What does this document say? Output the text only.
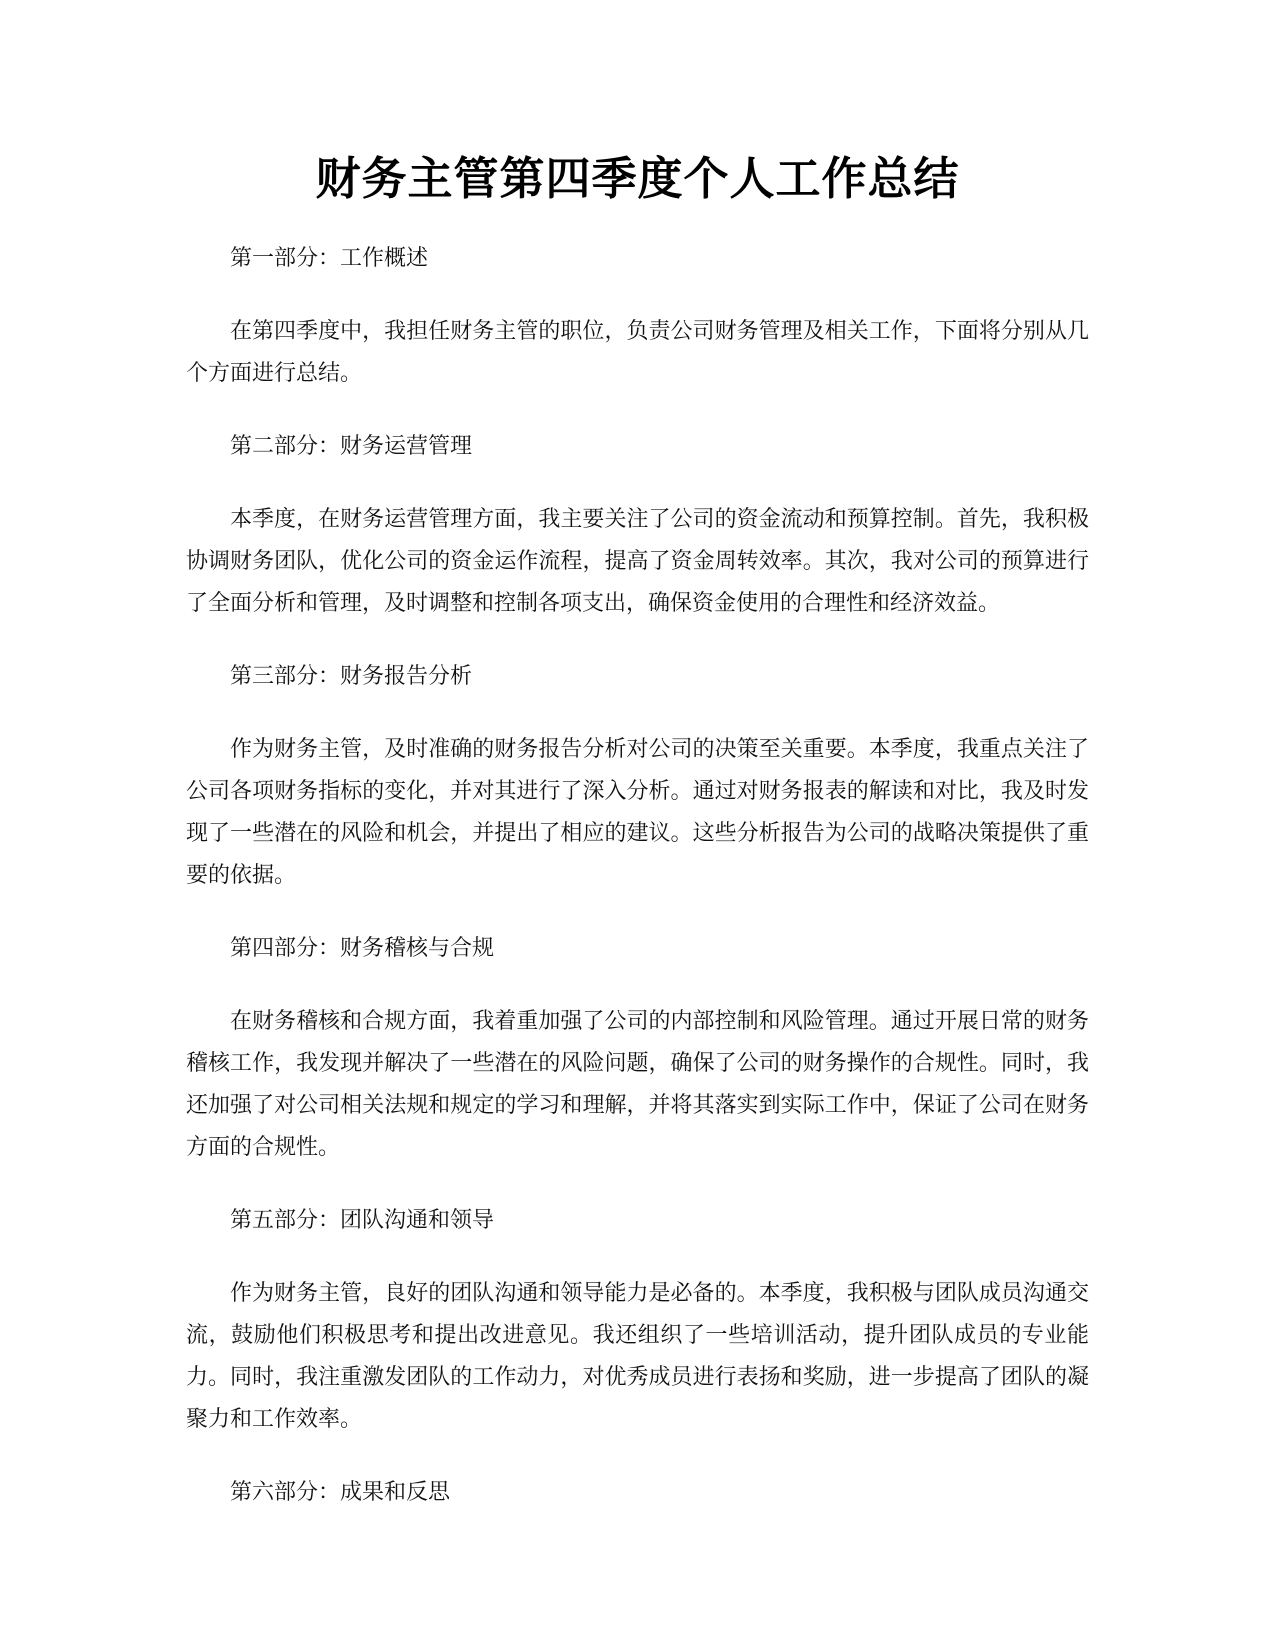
财务主管第四季度个人工作总结

第一部分：工作概述

在第四季度中，我担任财务主管的职位，负责公司财务管理及相关工作，下面将分别从几个方面进行总结。

第二部分：财务运营管理

本季度，在财务运营管理方面，我主要关注了公司的资金流动和预算控制。首先，我积极协调财务团队，优化公司的资金运作流程，提高了资金周转效率。其次，我对公司的预算进行了全面分析和管理，及时调整和控制各项支出，确保资金使用的合理性和经济效益。

第三部分：财务报告分析

作为财务主管，及时准确的财务报告分析对公司的决策至关重要。本季度，我重点关注了公司各项财务指标的变化，并对其进行了深入分析。通过对财务报表的解读和对比，我及时发现了一些潜在的风险和机会，并提出了相应的建议。这些分析报告为公司的战略决策提供了重要的依据。

第四部分：财务稽核与合规

在财务稽核和合规方面，我着重加强了公司的内部控制和风险管理。通过开展日常的财务稽核工作，我发现并解决了一些潜在的风险问题，确保了公司的财务操作的合规性。同时，我还加强了对公司相关法规和规定的学习和理解，并将其落实到实际工作中，保证了公司在财务方面的合规性。

第五部分：团队沟通和领导

作为财务主管，良好的团队沟通和领导能力是必备的。本季度，我积极与团队成员沟通交流，鼓励他们积极思考和提出改进意见。我还组织了一些培训活动，提升团队成员的专业能力。同时，我注重激发团队的工作动力，对优秀成员进行表扬和奖励，进一步提高了团队的凝聚力和工作效率。

第六部分：成果和反思
